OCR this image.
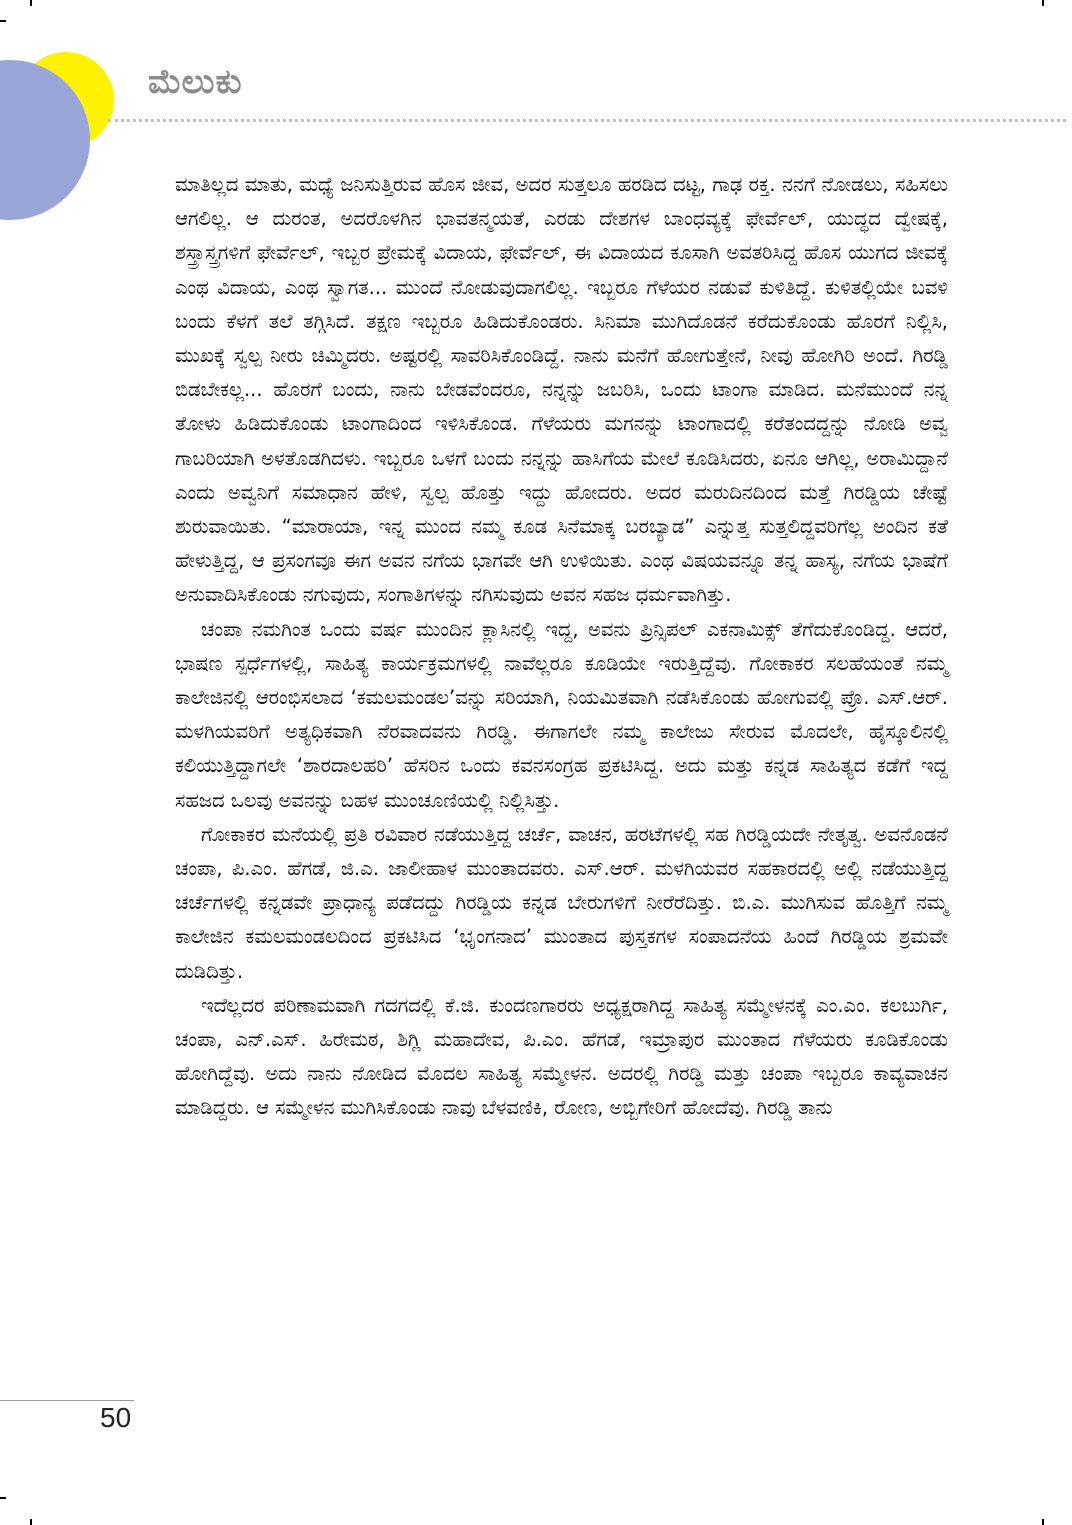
ಮೆಲುಕು

ಮಾತಿಲ್ಲದ ಮಾತು, ಮಧ್ಯೆ ಜನಿಸುತ್ತಿರುವ ಹೊಸ ಜೀವ, ಅದರ ಸುತ್ತಲೂ ಹರಡಿದ ದಟ್ಟ, ಗಾಢ ರಕ್ತ. ನನಗೆ ನೋಡಲು, ಸಹಿಸಲು ಆಗಲಿಲ್ಲ. ಆ ದುರಂತ, ಅದರೊಳಗಿನ ಭಾವತನ್ಮಯತೆ, ಎರಡು ದೇಶಗಳ ಬಾಂಧವ್ಯಕ್ಕೆ ಫೇರ್ವೆಲ್, ಯುದ್ಧದ ದ್ವೇಷಕ್ಕೆ, ಶಸ್ತ್ರಾಸ್ತ್ರಗಳಿಗೆ ಫೇರ್ವೆಲ್, ಇಬ್ಬರ ಪ್ರೇಮಕ್ಕೆ ವಿದಾಯ, ಫೇರ್ವೆಲ್, ಈ ವಿದಾಯದ ಕೂಸಾಗಿ ಅವತರಿಸಿದ್ದ ಹೊಸ ಯುಗದ ಜೀವಕ್ಕೆ ಎಂಥ ವಿದಾಯ, ಎಂಥ ಸ್ವಾಗತ... ಮುಂದೆ ನೋಡುವುದಾಗಲಿಲ್ಲ. ಇಬ್ಬರೂ ಗೆಳೆಯರ ನಡುವೆ ಕುಳಿತಿದ್ದೆ. ಕುಳಿತಲ್ಲಿಯೇ ಬವಳಿ ಬಂದು ಕೆಳಗೆ ತಲೆ ತಗ್ಗಿಸಿದೆ. ತಕ್ಷಣ ಇಬ್ಬರೂ ಹಿಡಿದುಕೊಂಡರು. ಸಿನಿಮಾ ಮುಗಿದೊಡನೆ ಕರೆದುಕೊಂಡು ಹೊರಗೆ ನಿಲ್ಲಿಸಿ, ಮುಖಕ್ಕೆ ಸ್ವಲ್ಪ ನೀರು ಚಿಮ್ಮಿದರು. ಅಷ್ಟರಲ್ಲಿ ಸಾವರಿಸಿಕೊಂಡಿದ್ದೆ. ನಾನು ಮನೆಗೆ ಹೋಗುತ್ತೇನೆ, ನೀವು ಹೋಗಿರಿ ಅಂದೆ. ಗಿರಡ್ಡಿ ಬಿಡಬೇಕಲ್ಲ... ಹೊರಗೆ ಬಂದು, ನಾನು ಬೇಡವೆಂದರೂ, ನನ್ನನ್ನು ಜಬರಿಸಿ, ಒಂದು ಟಾಂಗಾ ಮಾಡಿದ. ಮನೆಮುಂದೆ ನನ್ನ ತೋಳು ಹಿಡಿದುಕೊಂಡು ಟಾಂಗಾದಿಂದ ಇಳಿಸಿಕೊಂಡ. ಗೆಳೆಯರು ಮಗನನ್ನು ಟಾಂಗಾದಲ್ಲಿ ಕರೆತಂದದ್ದನ್ನು ನೋಡಿ ಅವ್ವ ಗಾಬರಿಯಾಗಿ ಅಳತೊಡಗಿದಳು. ಇಬ್ಬರೂ ಒಳಗೆ ಬಂದು ನನ್ನನ್ನು ಹಾಸಿಗೆಯ ಮೇಲೆ ಕೂಡಿಸಿದರು, ಏನೂ ಆಗಿಲ್ಲ, ಅರಾಮಿದ್ದಾನೆ ಎಂದು ಅವ್ವನಿಗೆ ಸಮಾಧಾನ ಹೇಳಿ, ಸ್ವಲ್ಪ ಹೊತ್ತು ಇದ್ದು ಹೋದರು. ಅದರ ಮರುದಿನದಿಂದ ಮತ್ತೆ ಗಿರಡ್ಡಿಯ ಚೇಷ್ಟೆ ಶುರುವಾಯಿತು. “ಮಾರಾಯಾ, ಇನ್ನ ಮುಂದ ನಮ್ಮ ಕೂಡ ಸಿನೆಮಾಕ್ಕ ಬರಬ್ಯಾಡ” ಎನ್ನುತ್ತ ಸುತ್ತಲಿದ್ದವರಿಗೆಲ್ಲ ಅಂದಿನ ಕತೆ ಹೇಳುತ್ತಿದ್ದ, ಆ ಪ್ರಸಂಗವೂ ಈಗ ಅವನ ನಗೆಯ ಭಾಗವೇ ಆಗಿ ಉಳಿಯಿತು. ಎಂಥ ವಿಷಯವನ್ನೂ ತನ್ನ ಹಾಸ್ಯ, ನಗೆಯ ಭಾಷೆಗೆ ಅನುವಾದಿಸಿಕೊಂಡು ನಗುವುದು, ಸಂಗಾತಿಗಳನ್ನು ನಗಿಸುವುದು ಅವನ ಸಹಜ ಧರ್ಮವಾಗಿತ್ತು.

ಚಂಪಾ ನಮಗಿಂತ ಒಂದು ವರ್ಷ ಮುಂದಿನ ಕ್ಲಾಸಿನಲ್ಲಿ ಇದ್ದ, ಅವನು ಪ್ರಿನ್ಸಿಪಲ್ ಎಕನಾಮಿಕ್ಸ್ ತೆಗೆದುಕೊಂಡಿದ್ದ. ಆದರೆ, ಭಾಷಣ ಸ್ಪರ್ಧೆಗಳಲ್ಲಿ, ಸಾಹಿತ್ಯ ಕಾರ್ಯಕ್ರಮಗಳಲ್ಲಿ ನಾವೆಲ್ಲರೂ ಕೂಡಿಯೇ ಇರುತ್ತಿದ್ದೆವು. ಗೋಕಾಕರ ಸಲಹೆಯಂತೆ ನಮ್ಮ ಕಾಲೇಜಿನಲ್ಲಿ ಆರಂಭಿಸಲಾದ ‘ಕಮಲಮಂಡಲ’ವನ್ನು ಸರಿಯಾಗಿ, ನಿಯಮಿತವಾಗಿ ನಡೆಸಿಕೊಂಡು ಹೋಗುವಲ್ಲಿ ಪ್ರೊ. ಎಸ್.ಆರ್. ಮಳಗಿಯವರಿಗೆ ಅತ್ಯಧಿಕವಾಗಿ ನೆರವಾದವನು ಗಿರಡ್ಡಿ. ಈಗಾಗಲೇ ನಮ್ಮ ಕಾಲೇಜು ಸೇರುವ ಮೊದಲೇ, ಹೈಸ್ಕೂಲಿನಲ್ಲಿ ಕಲಿಯುತ್ತಿದ್ದಾಗಲೇ ‘ಶಾರದಾಲಹರಿ’ ಹೆಸರಿನ ಒಂದು ಕವನಸಂಗ್ರಹ ಪ್ರಕಟಿಸಿದ್ದ. ಅದು ಮತ್ತು ಕನ್ನಡ ಸಾಹಿತ್ಯದ ಕಡೆಗೆ ಇದ್ದ ಸಹಜದ ಒಲವು ಅವನನ್ನು ಬಹಳ ಮುಂಚೂಣಿಯಲ್ಲಿ ನಿಲ್ಲಿಸಿತ್ತು.

ಗೋಕಾಕರ ಮನೆಯಲ್ಲಿ ಪ್ರತಿ ರವಿವಾರ ನಡೆಯುತ್ತಿದ್ದ ಚರ್ಚೆ, ವಾಚನ, ಹರಟೆಗಳಲ್ಲಿ ಸಹ ಗಿರಡ್ಡಿಯದೇ ನೇತೃತ್ವ. ಅವನೊಡನೆ ಚಂಪಾ, ಪಿ.ಎಂ. ಹೆಗಡೆ, ಜಿ.ಎ. ಜಾಲೀಹಾಳ ಮುಂತಾದವರು. ಎಸ್.ಆರ್. ಮಳಗಿಯವರ ಸಹಕಾರದಲ್ಲಿ ಅಲ್ಲಿ ನಡೆಯುತ್ತಿದ್ದ ಚರ್ಚೆಗಳಲ್ಲಿ ಕನ್ನಡವೇ ಪ್ರಾಧಾನ್ಯ ಪಡೆದದ್ದು ಗಿರಡ್ಡಿಯ ಕನ್ನಡ ಬೇರುಗಳಿಗೆ ನೀರೆರೆದಿತ್ತು. ಬಿ.ಎ. ಮುಗಿಸುವ ಹೊತ್ತಿಗೆ ನಮ್ಮ ಕಾಲೇಜಿನ ಕಮಲಮಂಡಲದಿಂದ ಪ್ರಕಟಿಸಿದ ‘ಭೃಂಗನಾದ’ ಮುಂತಾದ ಪುಸ್ತಕಗಳ ಸಂಪಾದನೆಯ ಹಿಂದೆ ಗಿರಡ್ಡಿಯ ಶ್ರಮವೇ ದುಡಿದಿತ್ತು.

ಇದೆಲ್ಲದರ ಪರಿಣಾಮವಾಗಿ ಗದಗದಲ್ಲಿ ಕೆ.ಜಿ. ಕುಂದಣಗಾರರು ಅಧ್ಯಕ್ಷರಾಗಿದ್ದ ಸಾಹಿತ್ಯ ಸಮ್ಮೇಳನಕ್ಕೆ ಎಂ.ಎಂ. ಕಲಬುರ್ಗಿ, ಚಂಪಾ, ಎನ್.ಎಸ್. ಹಿರೇಮಠ, ಶಿಗ್ಲಿ ಮಹಾದೇವ, ಪಿ.ಎಂ. ಹೆಗಡೆ, ಇಮ್ರಾಪುರ ಮುಂತಾದ ಗೆಳೆಯರು ಕೂಡಿಕೊಂಡು ಹೋಗಿದ್ದೆವು. ಅದು ನಾನು ನೋಡಿದ ಮೊದಲ ಸಾಹಿತ್ಯ ಸಮ್ಮೇಳನ. ಅದರಲ್ಲಿ ಗಿರಡ್ಡಿ ಮತ್ತು ಚಂಪಾ ಇಬ್ಬರೂ ಕಾವ್ಯವಾಚನ ಮಾಡಿದ್ದರು. ಆ ಸಮ್ಮೇಳನ ಮುಗಿಸಿಕೊಂಡು ನಾವು ಬೆಳವಣಿಕಿ, ರೋಣ, ಅಬ್ಬಿಗೇರಿಗೆ ಹೋದೆವು. ಗಿರಡ್ಡಿ ತಾನು

50
